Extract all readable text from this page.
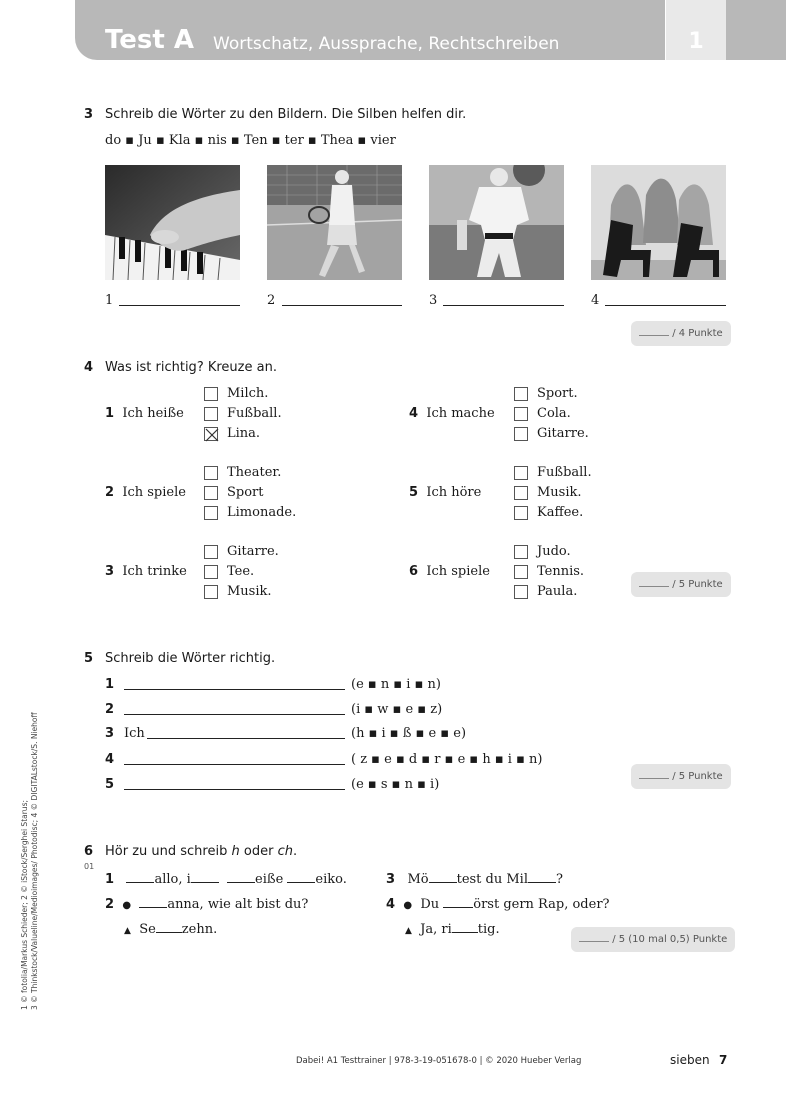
Test A Wortschatz, Aussprache, Rechtschreiben	1
3 Schreib die Wörter zu den Bildern. Die Silben helfen dir.
do ▪ Ju ▪ Kla ▪ nis ▪ Ten ▪ ter ▪ Thea ▪ vier
1	2	3	4
/ 4 Punkte
4 Was ist richtig? Kreuze an.
1 Ich heiße
Milch.
Fußball.
Lina.
2 Ich spiele
Theater.
Sport
Limonade.
3 Ich trinke
Gitarre.
Tee.
Musik.
4 Ich mache
Sport.
Cola.
Gitarre.
5 Ich höre
Fußball.
Musik.
Kaffee.
6 Ich spiele
Judo.
Tennis.
Paula.	/ 5 Punkte
5 Schreib die Wörter richtig.
1	(e ▪ n ▪ i ▪ n)
2	(i ▪ w ▪ e ▪ z)
3 Ich	(h ▪ i ▪ ß ▪ e ▪ e)
4	( z ▪ e ▪ d ▪ r ▪ e ▪ h ▪ i ▪ n)
5	(e ▪ s ▪ n ▪ i)
/ 5 Punkte
6 Hör zu und schreib h oder ch.
01
1	allo, i	eiße eiko.
2 ●	anna, wie alt bist du?
▲ Se zehn.
3 Mö test du Mil ?
4 ● Du	örst gern Rap, oder?
▲ Ja, ri tig.
/ 5 (10 mal 0,5) Punkte
1 © fotolia/Markus Schieder; 2 © iStock/Serghei Starus; 3 © Thinkstock/Valueline/Medioimages/ Photodisc; 4 © DIGITALstock/S. Niehoff
Dabei! A1 Testtrainer | 978-3-19-051678-0 | © 2020 Hueber Verlag	sieben 7
